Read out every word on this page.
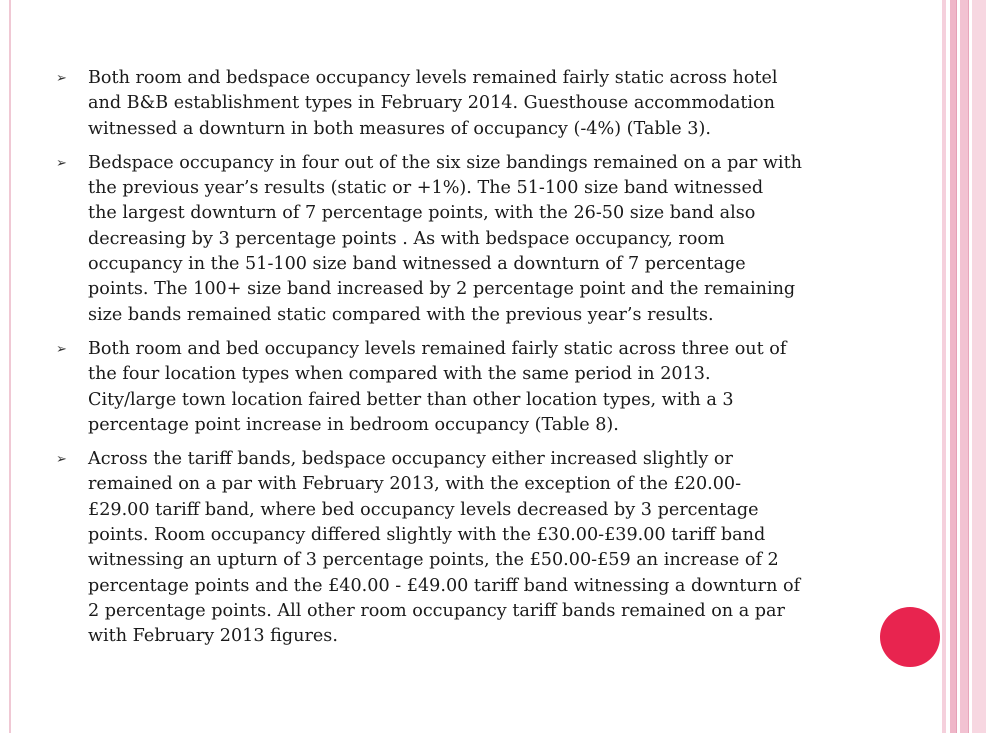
➢	Both room and bedspace occupancy levels remained fairly static across hotel
and B&B establishment types in February 2014. Guesthouse accommodation
witnessed a downturn in both measures of occupancy (-4%) (Table 3).
➢	Bedspace occupancy in four out of the six size bandings remained on a par with
the previous year’s results (static or +1%). The 51-100 size band witnessed
the largest downturn of 7 percentage points, with the 26-50 size band also
decreasing by 3 percentage points . As with bedspace occupancy, room
occupancy in the 51-100 size band witnessed a downturn of 7 percentage
points. The 100+ size band increased by 2 percentage point and the remaining
size bands remained static compared with the previous year’s results.
➢	Both room and bed occupancy levels remained fairly static across three out of
the four location types when compared with the same period in 2013.
City/large town location faired better than other location types, with a 3
percentage point increase in bedroom occupancy (Table 8).
➢	Across the tariff bands, bedspace occupancy either increased slightly or
remained on a par with February 2013, with the exception of the £20.00-
£29.00 tariff band, where bed occupancy levels decreased by 3 percentage
points. Room occupancy differed slightly with the £30.00-£39.00 tariff band
witnessing an upturn of 3 percentage points, the £50.00-£59 an increase of 2
percentage points and the £40.00 - £49.00 tariff band witnessing a downturn of
2 percentage points. All other room occupancy tariff bands remained on a par
with February 2013 figures.
